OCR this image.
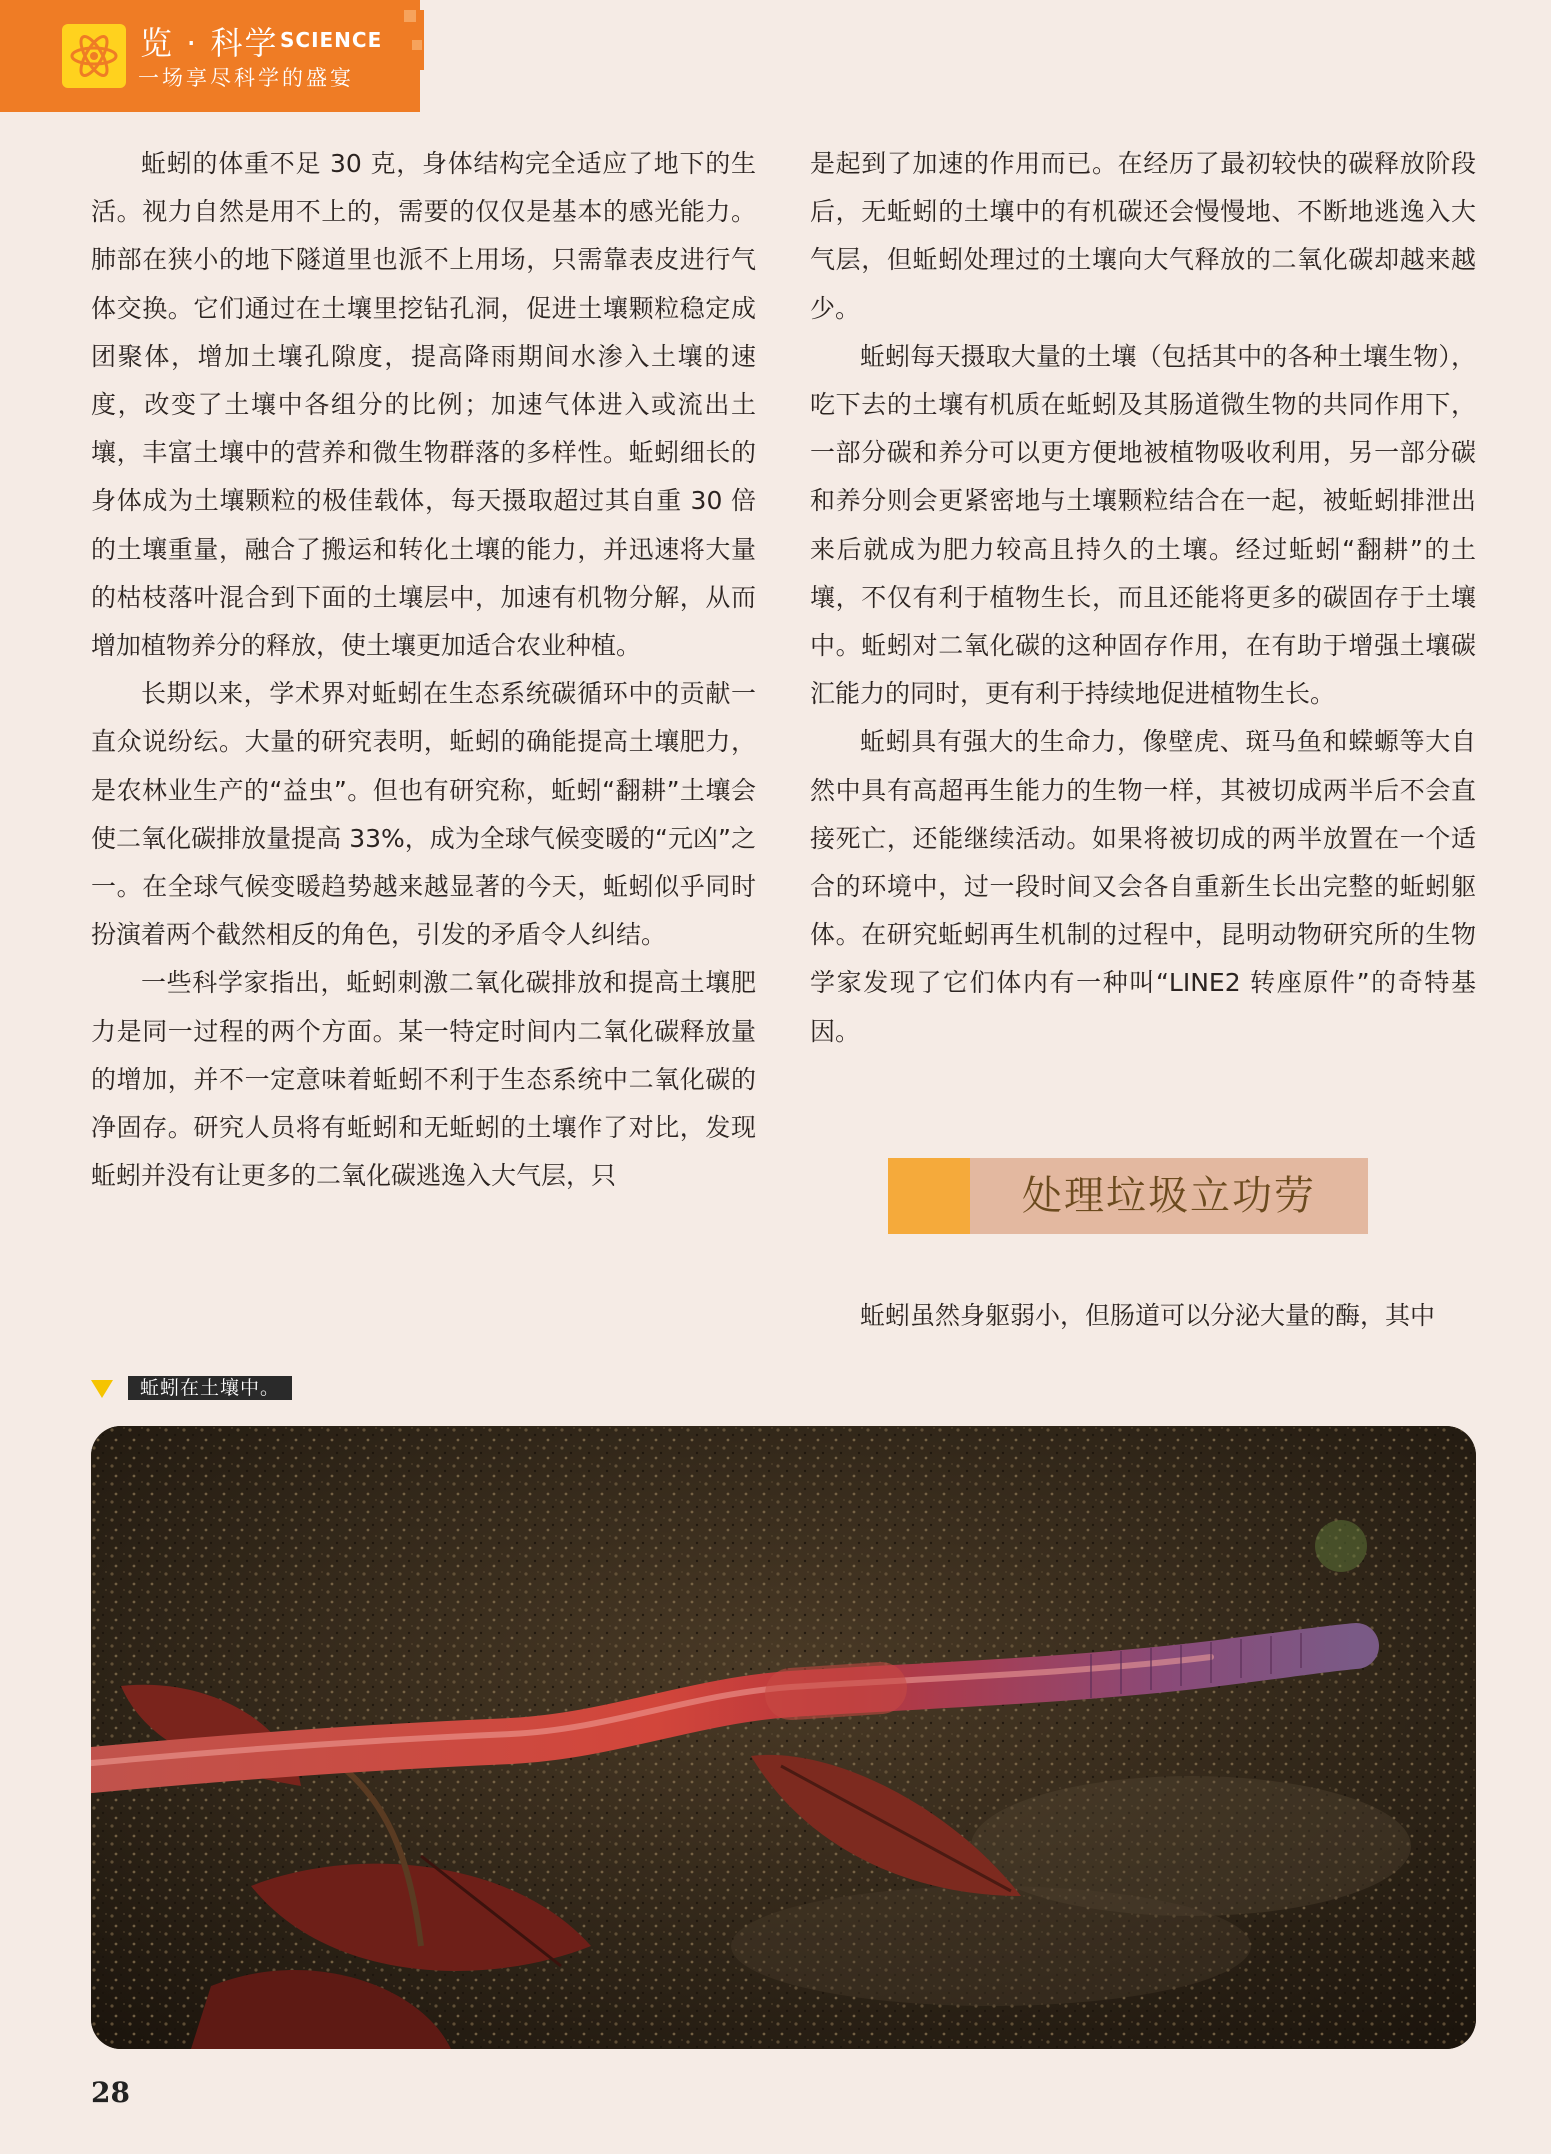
览 · 科学 SCIENCE
一场享尽科学的盛宴

蚯蚓的体重不足 30 克，身体结构完全适应了地下的生活。视力自然是用不上的，需要的仅仅是基本的感光能力。肺部在狭小的地下隧道里也派不上用场，只需靠表皮进行气体交换。它们通过在土壤里挖钻孔洞，促进土壤颗粒稳定成团聚体，增加土壤孔隙度，提高降雨期间水渗入土壤的速度，改变了土壤中各组分的比例；加速气体进入或流出土壤，丰富土壤中的营养和微生物群落的多样性。蚯蚓细长的身体成为土壤颗粒的极佳载体，每天摄取超过其自重 30 倍的土壤重量，融合了搬运和转化土壤的能力，并迅速将大量的枯枝落叶混合到下面的土壤层中，加速有机物分解，从而增加植物养分的释放，使土壤更加适合农业种植。

长期以来，学术界对蚯蚓在生态系统碳循环中的贡献一直众说纷纭。大量的研究表明，蚯蚓的确能提高土壤肥力，是农林业生产的“益虫”。但也有研究称，蚯蚓“翻耕”土壤会使二氧化碳排放量提高 33%，成为全球气候变暖的“元凶”之一。在全球气候变暖趋势越来越显著的今天，蚯蚓似乎同时扮演着两个截然相反的角色，引发的矛盾令人纠结。

一些科学家指出，蚯蚓刺激二氧化碳排放和提高土壤肥力是同一过程的两个方面。某一特定时间内二氧化碳释放量的增加，并不一定意味着蚯蚓不利于生态系统中二氧化碳的净固存。研究人员将有蚯蚓和无蚯蚓的土壤作了对比，发现蚯蚓并没有让更多的二氧化碳逃逸入大气层，只

是起到了加速的作用而已。在经历了最初较快的碳释放阶段后，无蚯蚓的土壤中的有机碳还会慢慢地、不断地逃逸入大气层，但蚯蚓处理过的土壤向大气释放的二氧化碳却越来越少。

蚯蚓每天摄取大量的土壤（包括其中的各种土壤生物），吃下去的土壤有机质在蚯蚓及其肠道微生物的共同作用下，一部分碳和养分可以更方便地被植物吸收利用，另一部分碳和养分则会更紧密地与土壤颗粒结合在一起，被蚯蚓排泄出来后就成为肥力较高且持久的土壤。经过蚯蚓“翻耕”的土壤，不仅有利于植物生长，而且还能将更多的碳固存于土壤中。蚯蚓对二氧化碳的这种固存作用，在有助于增强土壤碳汇能力的同时，更有利于持续地促进植物生长。

蚯蚓具有强大的生命力，像壁虎、斑马鱼和蝾螈等大自然中具有高超再生能力的生物一样，其被切成两半后不会直接死亡，还能继续活动。如果将被切成的两半放置在一个适合的环境中，过一段时间又会各自重新生长出完整的蚯蚓躯体。在研究蚯蚓再生机制的过程中，昆明动物研究所的生物学家发现了它们体内有一种叫“LINE2 转座原件”的奇特基因。

处理垃圾立功劳

蚯蚓虽然身躯弱小，但肠道可以分泌大量的酶，其中

蚯蚓在土壤中。
28
